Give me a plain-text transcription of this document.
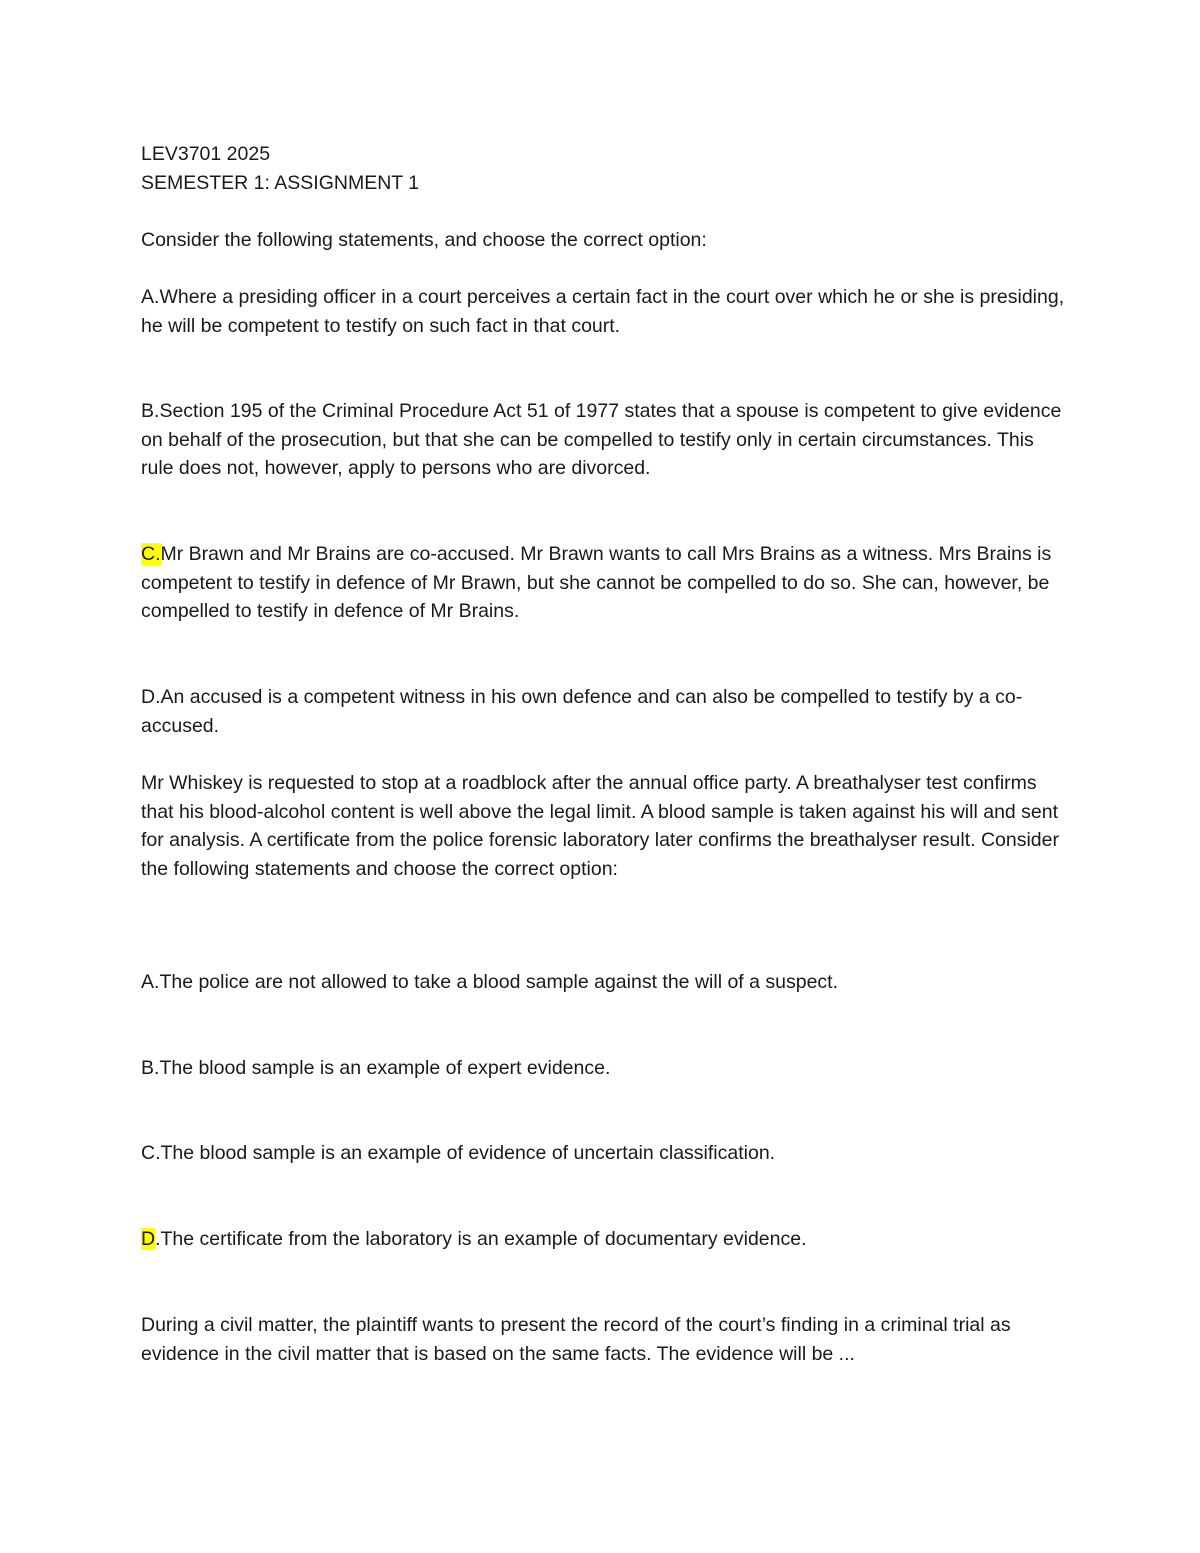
LEV3701 2025

SEMESTER 1: ASSIGNMENT 1

Consider the following statements, and choose the correct option:

A.Where a presiding officer in a court perceives a certain fact in the court over which he or she is presiding, he will be competent to testify on such fact in that court.

B.Section 195 of the Criminal Procedure Act 51 of 1977 states that a spouse is competent to give evidence on behalf of the prosecution, but that she can be compelled to testify only in certain circumstances. This rule does not, however, apply to persons who are divorced.

C.Mr Brawn and Mr Brains are co-accused. Mr Brawn wants to call Mrs Brains as a witness. Mrs Brains is competent to testify in defence of Mr Brawn, but she cannot be compelled to do so. She can, however, be compelled to testify in defence of Mr Brains.

D.An accused is a competent witness in his own defence and can also be compelled to testify by a co-accused.

Mr Whiskey is requested to stop at a roadblock after the annual office party. A breathalyser test confirms that his blood-alcohol content is well above the legal limit. A blood sample is taken against his will and sent for analysis. A certificate from the police forensic laboratory later confirms the breathalyser result. Consider the following statements and choose the correct option:

A.The police are not allowed to take a blood sample against the will of a suspect.

B.The blood sample is an example of expert evidence.

C.The blood sample is an example of evidence of uncertain classification.

D.The certificate from the laboratory is an example of documentary evidence.

During a civil matter, the plaintiff wants to present the record of the court’s finding in a criminal trial as evidence in the civil matter that is based on the same facts. The evidence will be ...
